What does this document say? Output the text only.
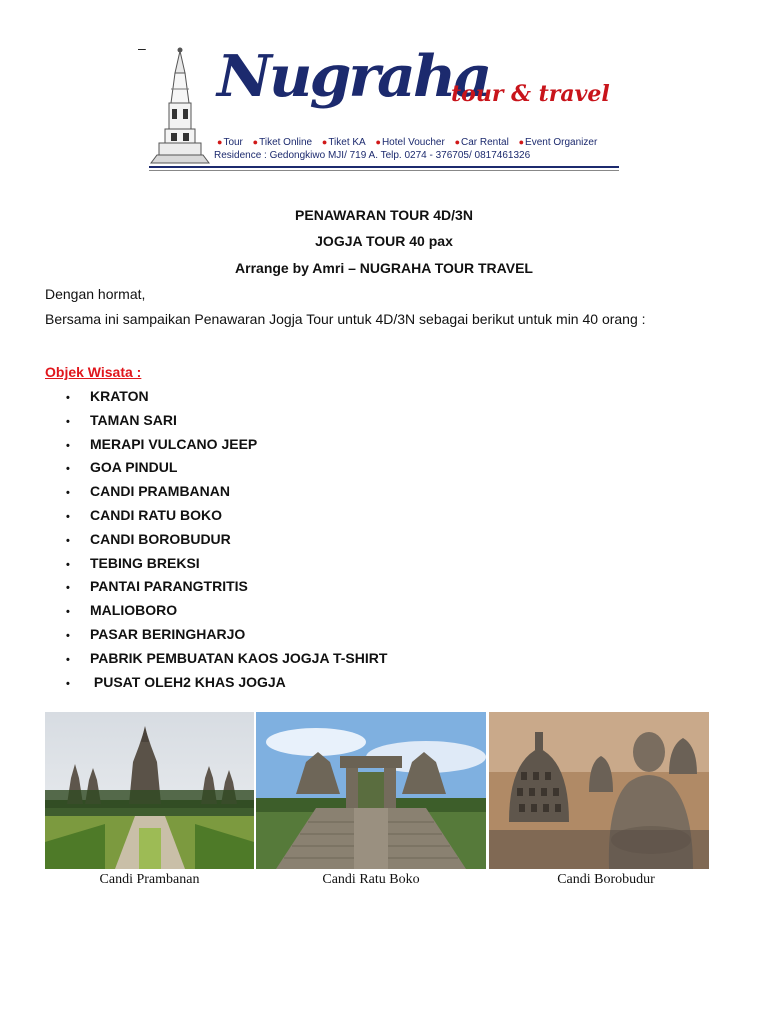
– Nugraha
tour & travel
●Tour ●Tiket Online ●Tiket KA ●Hotel Voucher ●Car Rental ●Event Organizer
Residence : Gedongkiwo MJI/ 719 A. Telp. 0274 - 376705/ 0817461326
PENAWARAN TOUR 4D/3N
JOGJA TOUR 40 pax
Arrange by Amri – NUGRAHA TOUR TRAVEL
Dengan hormat,
Bersama ini sampaikan Penawaran Jogja Tour untuk 4D/3N sebagai berikut untuk min 40 orang :
Objek Wisata :
• KRATON
• TAMAN SARI
• MERAPI VULCANO JEEP
• GOA PINDUL
• CANDI PRAMBANAN
• CANDI RATU BOKO
• CANDI BOROBUDUR
• TEBING BREKSI
• PANTAI PARANGTRITIS
• MALIOBORO
• PASAR BERINGHARJO
• PABRIK PEMBUATAN KAOS JOGJA T-SHIRT
• PUSAT OLEH2 KHAS JOGJA
Candi Prambanan	Candi Ratu Boko	Candi Borobudur
